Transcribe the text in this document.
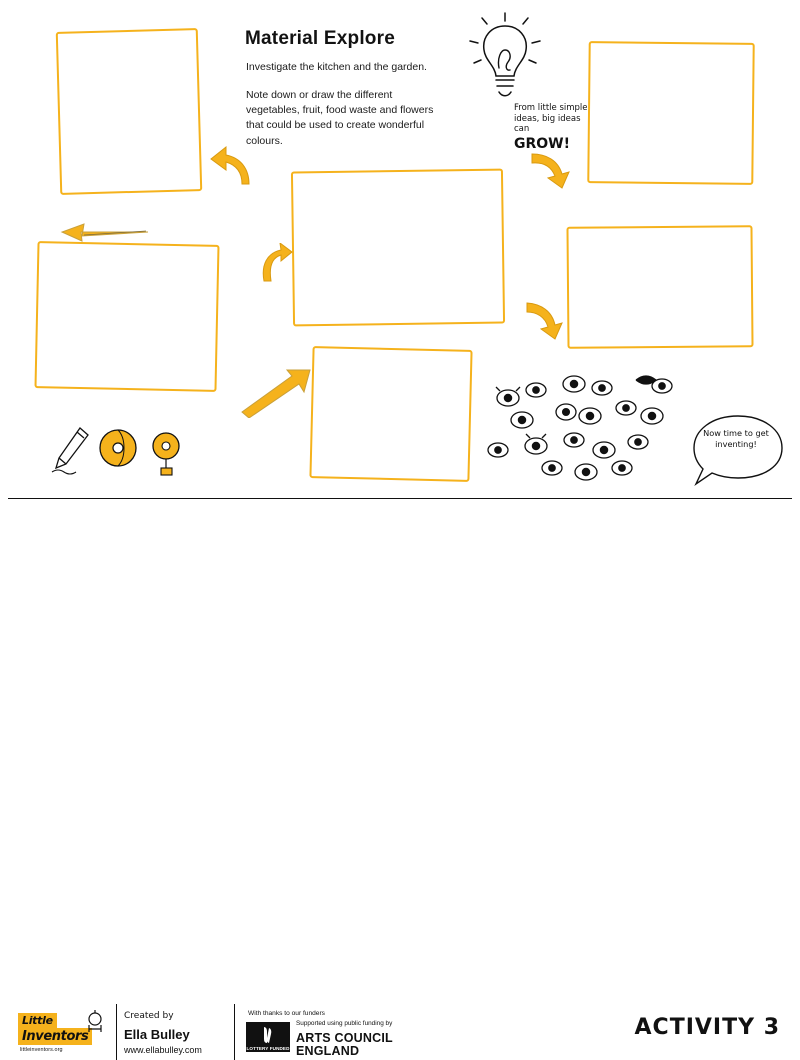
Material Explore
Investigate the kitchen and the garden.
Note down or draw the different vegetables, fruit, food waste and flowers that could be used to create wonderful colours.
From little simple ideas, big ideas can
GROW!
Now time to get inventing!
Little
Inventors
littleinventors.org
Created by
Ella Bulley
www.ellabulley.com
With thanks to our funders
LOTTERY FUNDED
Supported using public funding by
ARTS COUNCIL
ENGLAND
ACTIVITY 3
